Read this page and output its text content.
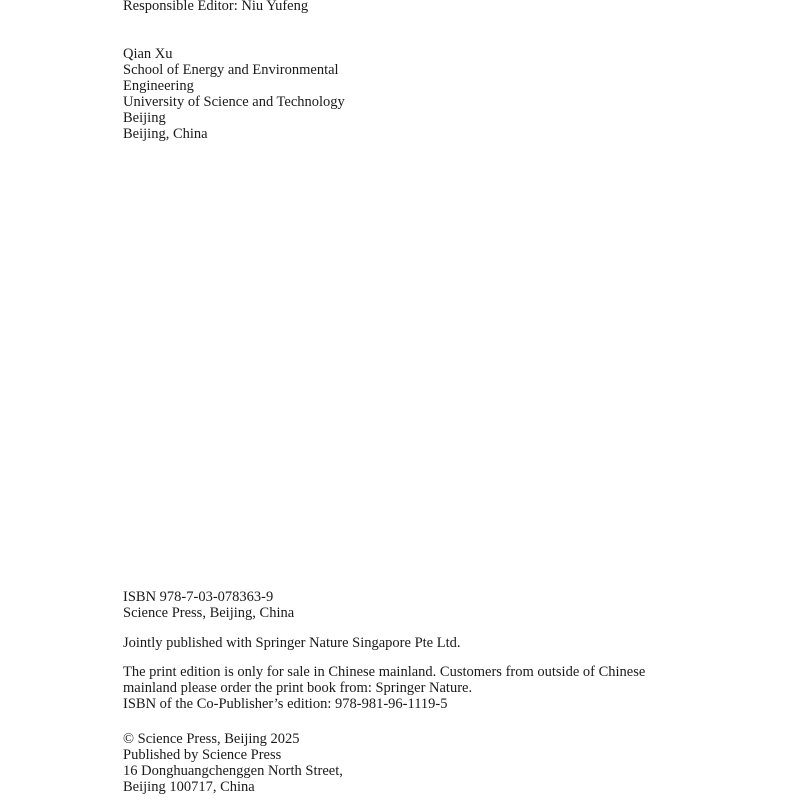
Responsible Editor: Niu Yufeng
Qian Xu
School of Energy and Environmental
Engineering
University of Science and Technology
Beijing
Beijing, China
ISBN 978-7-03-078363-9
Science Press, Beijing, China
Jointly published with Springer Nature Singapore Pte Ltd.
The print edition is only for sale in Chinese mainland. Customers from outside of Chinese
mainland please order the print book from: Springer Nature.
ISBN of the Co-Publisher’s edition: 978-981-96-1119-5
© Science Press, Beijing 2025
Published by Science Press
16 Donghuangchenggen North Street,
Beijing 100717, China
